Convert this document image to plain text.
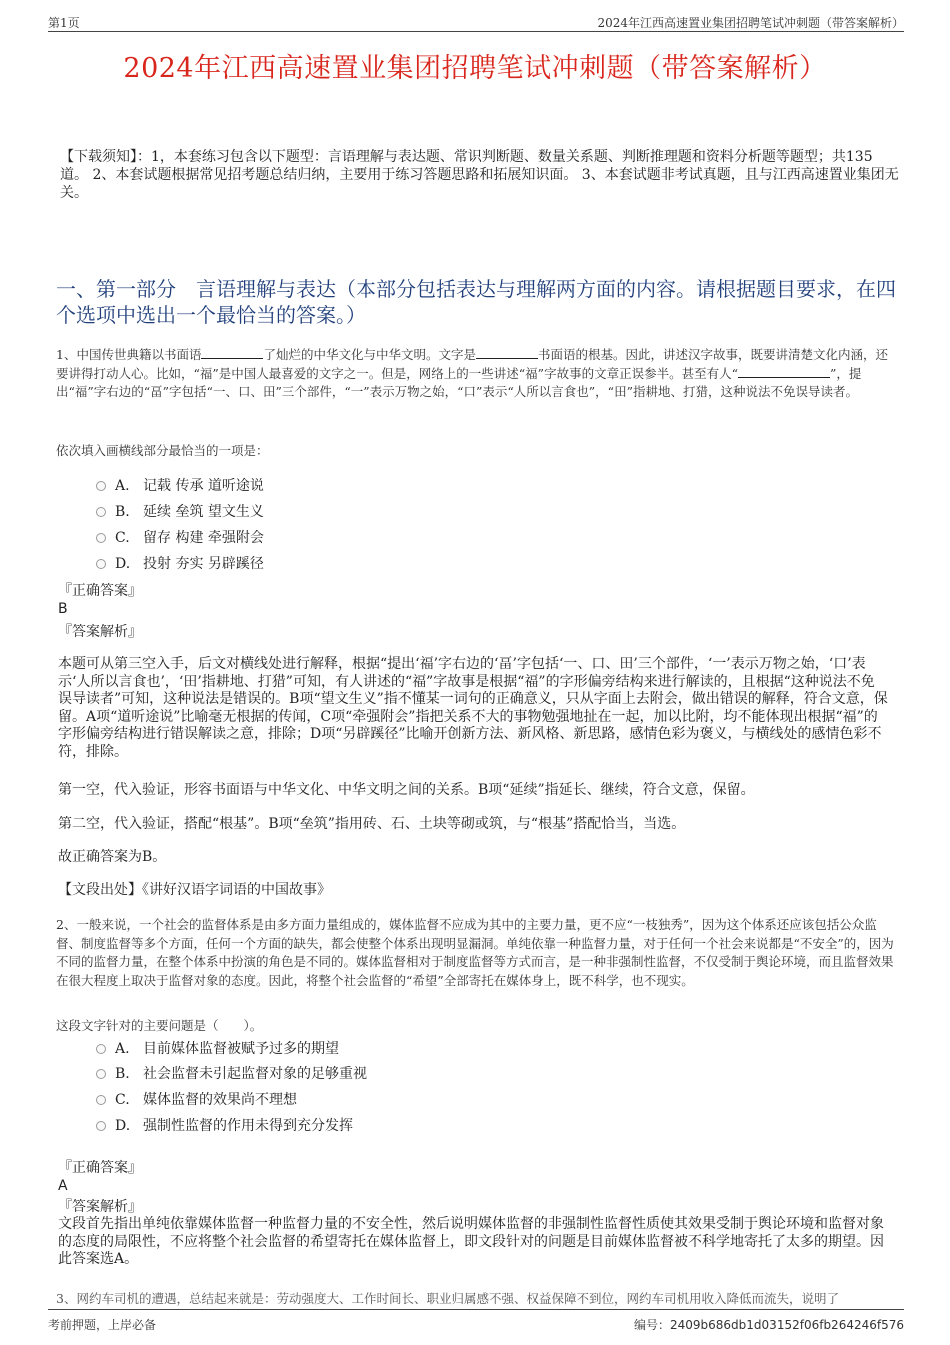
第1页	2024年江西高速置业集团招聘笔试冲刺题（带答案解析）
2024年江西高速置业集团招聘笔试冲刺题（带答案解析）
【下载须知】：1，本套练习包含以下题型：言语理解与表达题、常识判断题、数量关系题、判断推理题和资料分析题等题型；共135道。 2、本套试题根据常见招考题总结归纳，主要用于练习答题思路和拓展知识面。 3、本套试题非考试真题，且与江西高速置业集团无关。
一、第一部分　言语理解与表达（本部分包括表达与理解两方面的内容。请根据题目要求，在四个选项中选出一个最恰当的答案。）
1、中国传世典籍以书面语	了灿烂的中华文化与中华文明。文字是	书面语的根基。因此，讲述汉字故事，既要讲清楚文化内涵，还要讲得打动人心。比如，“福”是中国人最喜爱的文字之一。但是，网络上的一些讲述“福”字故事的文章正误参半。甚至有人“	”，提出“福”字右边的“畐”字包括“一、口、田”三个部件，“一”表示万物之始，“口”表示“人所以言食也”，“田”指耕地、打猎，这种说法不免误导读者。
依次填入画横线部分最恰当的一项是：
A. 记载 传承 道听途说
B. 延续 垒筑 望文生义
C. 留存 构建 牵强附会
D. 投射 夯实 另辟蹊径
『正确答案』
B
『答案解析』
本题可从第三空入手，后文对横线处进行解释，根据“提出‘福’字右边的‘畐’字包括‘一、口、田’三个部件，‘一’表示万物之始，‘口’表示‘人所以言食也’，‘田’指耕地、打猎”可知，有人讲述的“福”字故事是根据“福”的字形偏旁结构来进行解读的，且根据“这种说法不免误导读者”可知，这种说法是错误的。B项“望文生义”指不懂某一词句的正确意义，只从字面上去附会，做出错误的解释，符合文意，保留。A项“道听途说”比喻毫无根据的传闻，C项“牵强附会”指把关系不大的事物勉强地扯在一起，加以比附，均不能体现出根据“福”的字形偏旁结构进行错误解读之意，排除；D项“另辟蹊径”比喻开创新方法、新风格、新思路，感情色彩为褒义，与横线处的感情色彩不符，排除。
第一空，代入验证，形容书面语与中华文化、中华文明之间的关系。B项“延续”指延长、继续，符合文意，保留。
第二空，代入验证，搭配“根基”。B项“垒筑”指用砖、石、土块等砌或筑，与“根基”搭配恰当，当选。
故正确答案为B。
【文段出处】《讲好汉语字词语的中国故事》
2、一般来说，一个社会的监督体系是由多方面力量组成的，媒体监督不应成为其中的主要力量，更不应“一枝独秀”，因为这个体系还应该包括公众监督、制度监督等多个方面，任何一个方面的缺失，都会使整个体系出现明显漏洞。单纯依靠一种监督力量，对于任何一个社会来说都是“不安全”的，因为不同的监督力量，在整个体系中扮演的角色是不同的。媒体监督相对于制度监督等方式而言，是一种非强制性监督，不仅受制于舆论环境，而且监督效果在很大程度上取决于监督对象的态度。因此，将整个社会监督的“希望”全部寄托在媒体身上，既不科学，也不现实。
这段文字针对的主要问题是（　　）。
A. 目前媒体监督被赋予过多的期望
B. 社会监督未引起监督对象的足够重视
C. 媒体监督的效果尚不理想
D. 强制性监督的作用未得到充分发挥
『正确答案』
A
『答案解析』
文段首先指出单纯依靠媒体监督一种监督力量的不安全性，然后说明媒体监督的非强制性监督性质使其效果受制于舆论环境和监督对象的态度的局限性，不应将整个社会监督的希望寄托在媒体监督上，即文段针对的问题是目前媒体监督被不科学地寄托了太多的期望。因此答案选A。
3、网约车司机的遭遇，总结起来就是：劳动强度大、工作时间长、职业归属感不强、权益保障不到位，网约车司机用收入降低而流失，说明了
考前押题，上岸必备	编号：2409b686db1d03152f06fb264246f576
